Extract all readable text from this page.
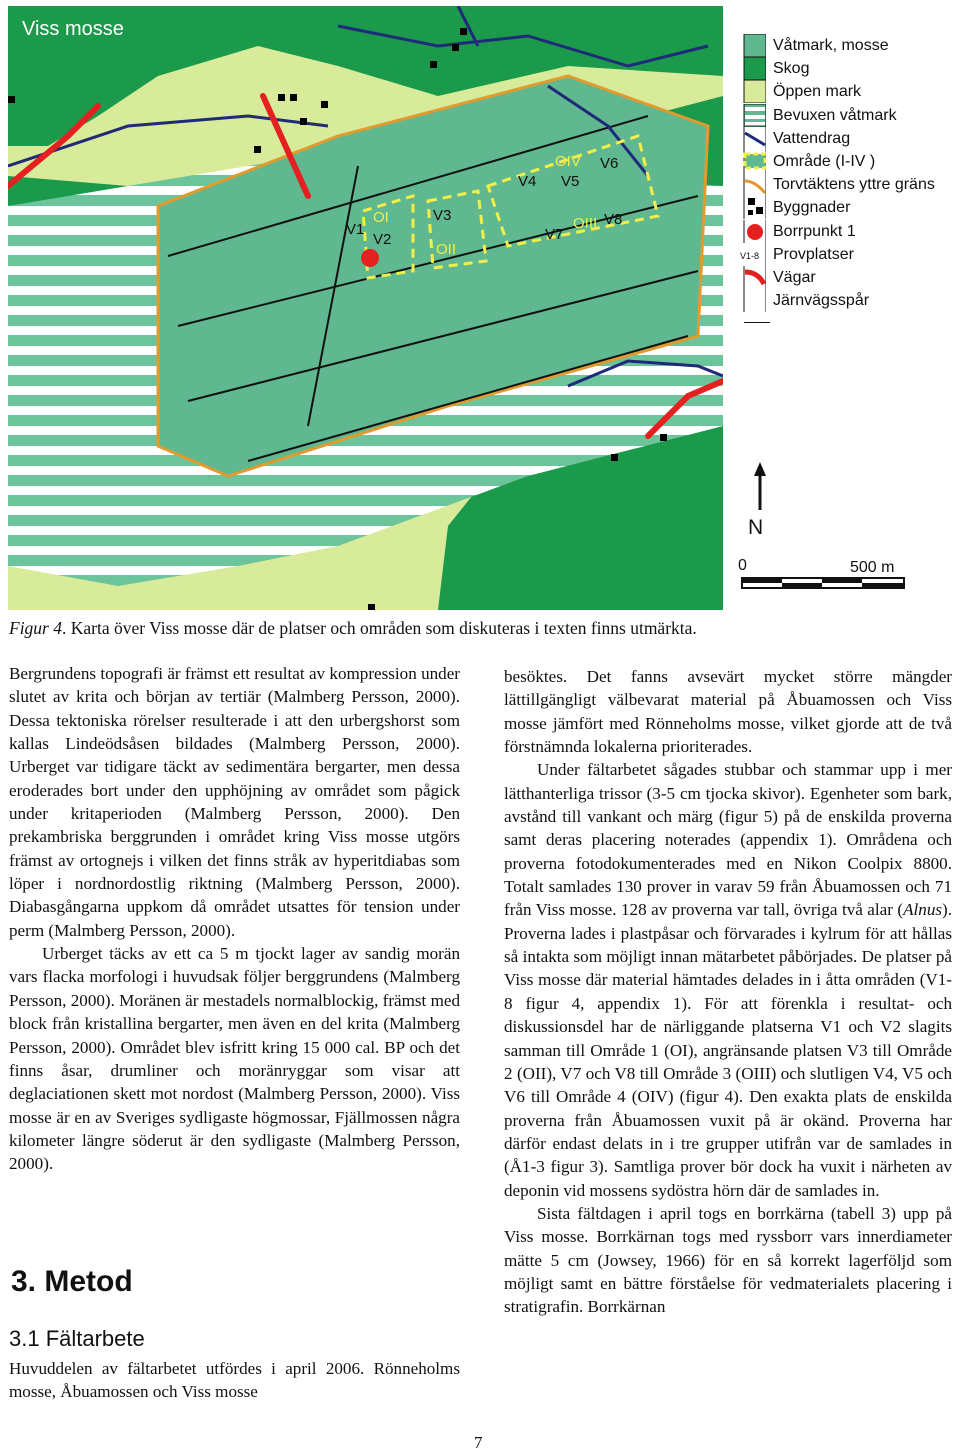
V1
OI
V2
V3
OII
V4
OIV
V5
V6
OIII
V7
V8
Viss mosse
Våtmark, mosse
Skog
Öppen mark
Bevuxen våtmark
Vattendrag
Område (I-IV )
Torvtäktens yttre gräns
Byggnader
Borrpunkt 1
V1-8 Provplatser
Vägar
Järnvägsspår
N
0	500 m
Figur 4. Karta över Viss mosse där de platser och områden som diskuteras i texten finns utmärkta.

Bergrundens topografi är främst ett resultat av kompression under slutet av krita och början av tertiär (Malmberg Persson, 2000). Dessa tektoniska rörelser resulterade i att den urbergshorst som kallas Lindeödsåsen bildades (Malmberg Persson, 2000). Urberget var tidigare täckt av sedimentära bergarter, men dessa eroderades bort under den upphöjning av området som pågick under kritaperioden (Malmberg Persson, 2000). Den prekambriska berggrunden i området kring Viss mosse utgörs främst av ortognejs i vilken det finns stråk av hyperitdiabas som löper i nordnordostlig riktning (Malmberg Persson, 2000). Diabasgångarna uppkom då området utsattes för tension under perm (Malmberg Persson, 2000).

Urberget täcks av ett ca 5 m tjockt lager av sandig morän vars flacka morfologi i huvudsak följer berggrundens (Malmberg Persson, 2000). Moränen är mestadels normalblockig, främst med block från kristallina bergarter, men även en del krita (Malmberg Persson, 2000). Området blev isfritt kring 15 000 cal. BP och det finns åsar, drumliner och moränryggar som visar att deglaciationen skett mot nordost (Malmberg Persson, 2000). Viss mosse är en av Sveriges sydligaste högmossar, Fjällmossen några kilometer längre söderut är den sydligaste (Malmberg Persson, 2000).

3. Metod
3.1 Fältarbete

Huvuddelen av fältarbetet utfördes i april 2006. Rönneholms mosse, Åbuamossen och Viss mosse

besöktes. Det fanns avsevärt mycket större mängder lättillgängligt välbevarat material på Åbuamossen och Viss mosse jämfört med Rönneholms mosse, vilket gjorde att de två förstnämnda lokalerna prioriterades.

Under fältarbetet sågades stubbar och stammar upp i mer lätthanterliga trissor (3-5 cm tjocka skivor). Egenheter som bark, avstånd till vankant och märg (figur 5) på de enskilda proverna samt deras placering noterades (appendix 1). Områdena och proverna fotodokumenterades med en Nikon Coolpix 8800. Totalt samlades 130 prover in varav 59 från Åbuamossen och 71 från Viss mosse. 128 av proverna var tall, övriga två alar (Alnus). Proverna lades i plastpåsar och förvarades i kylrum för att hållas så intakta som möjligt innan mätarbetet påbörjades. De platser på Viss mosse där material hämtades delades in i åtta områden (V1-8 figur 4, appendix 1). För att förenkla i resultat- och diskussionsdel har de närliggande platserna V1 och V2 slagits samman till Område 1 (OI), angränsande platsen V3 till Område 2 (OII), V7 och V8 till Område 3 (OIII) och slutligen V4, V5 och V6 till Område 4 (OIV) (figur 4). Den exakta plats de enskilda proverna från Åbuamossen vuxit på är okänd. Proverna har därför endast delats in i tre grupper utifrån var de samlades in (Å1-3 figur 3). Samtliga prover bör dock ha vuxit i närheten av deponin vid mossens sydöstra hörn där de samlades in.

Sista fältdagen i april togs en borrkärna (tabell 3) upp på Viss mosse. Borrkärnan togs med ryssborr vars innerdiameter mätte 5 cm (Jowsey, 1966) för en så korrekt lagerföljd som möjligt samt en bättre förståelse för vedmaterialets placering i stratigrafin. Borrkärnan

7
